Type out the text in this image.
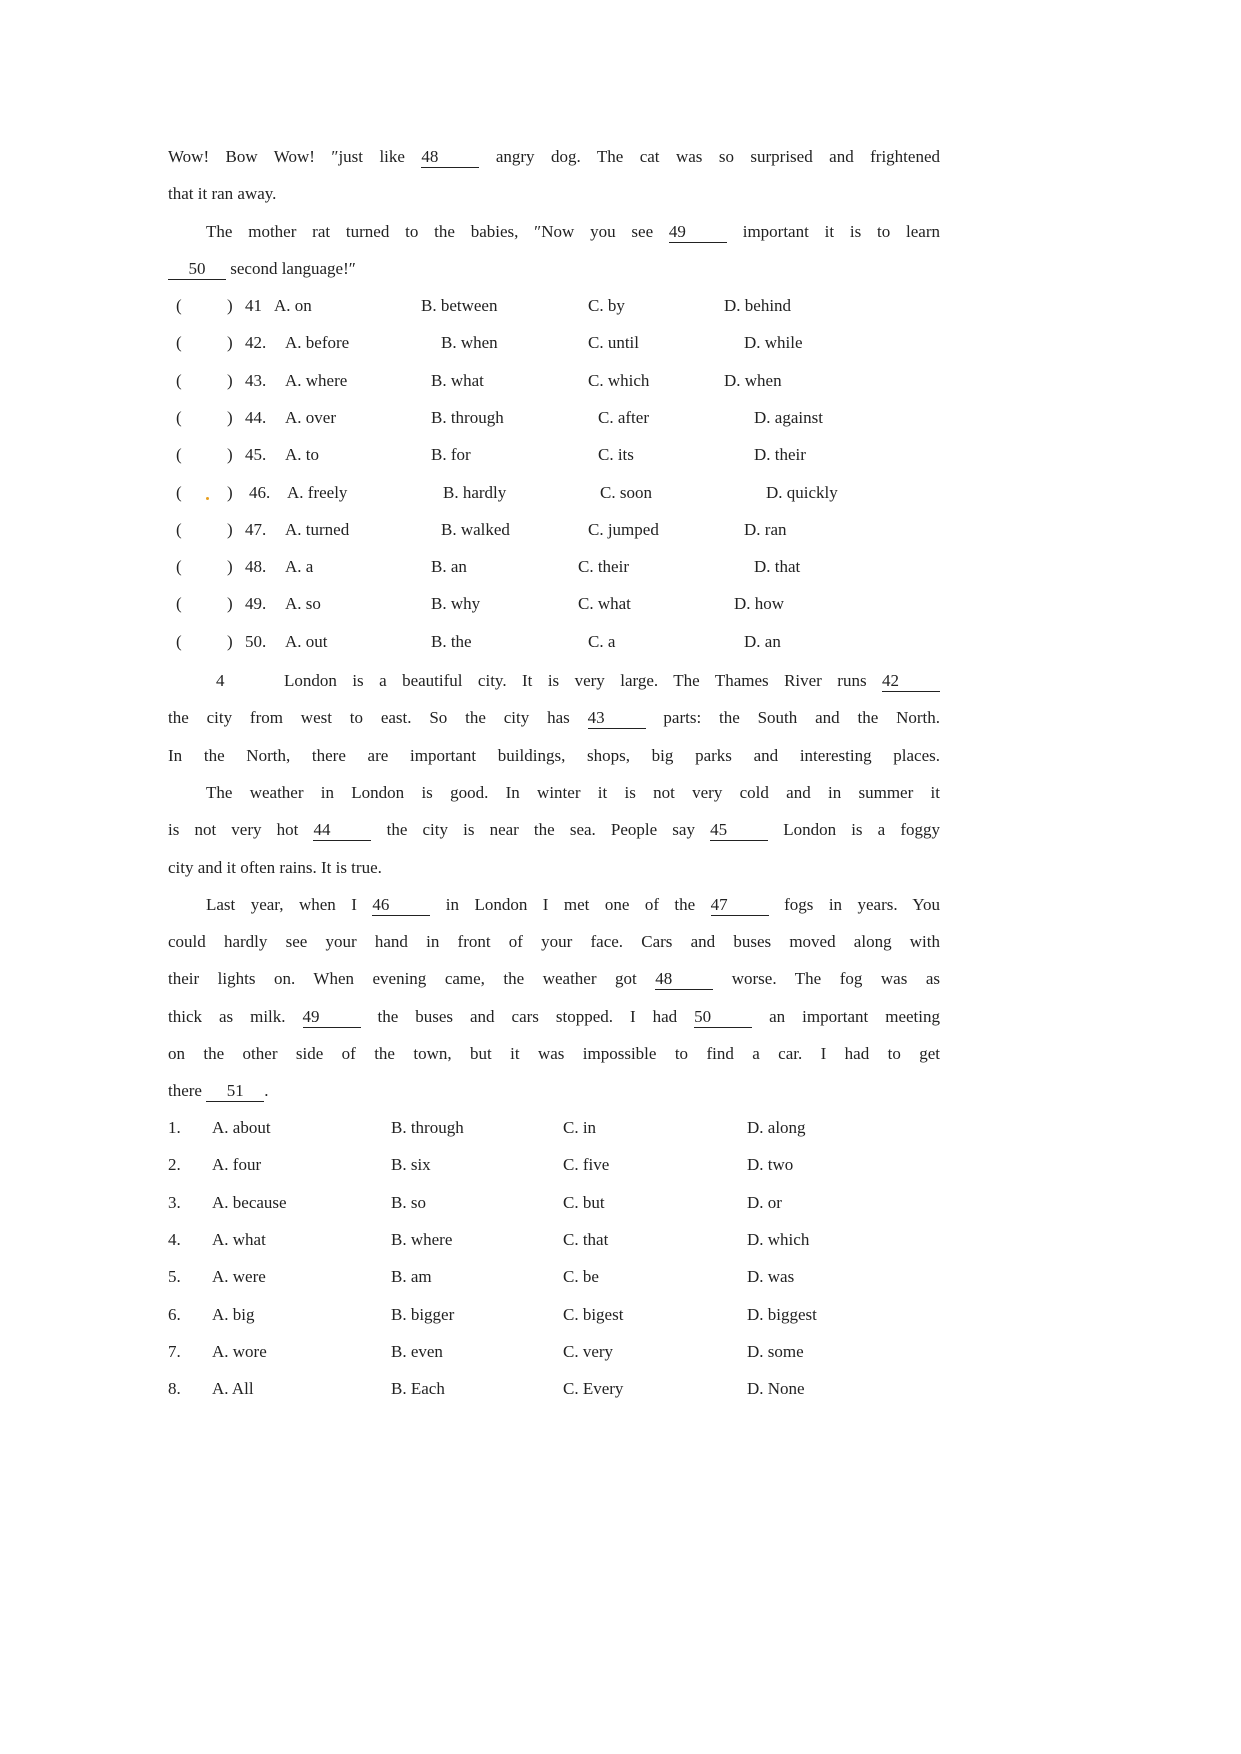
Wow! Bow Wow! ″just like 48 angry dog. The cat was so surprised and frightened
that it ran away.
The mother rat turned to the babies, ″Now you see 49 important it is to learn
50 second language!″
(	) 41 A. on	B. between	C. by	D. behind
(	) 42. A. before	B. when	C. until	D. while
(	) 43. A. where	B. what	C. which	D. when
(	) 44. A. over	B. through	C. after	D. against
(	) 45. A. to	B. for	C. its	D. their
(	) 46. A. freely	B. hardly	C. soon	D. quickly
(	) 47. A. turned	B. walked	C. jumped	D. ran
(	) 48. A. a	B. an	C. their	D. that
(	) 49. A. so	B. why	C. what	D. how
(	) 50. A. out	B. the	C. a	D. an
4	London is a beautiful city. It is very large. The Thames River runs 42
the city from west to east. So the city has 43 parts: the South and the North.
In the North, there are important buildings, shops, big parks and interesting places.
The weather in London is good. In winter it is not very cold and in summer it
is not very hot 44 the city is near the sea. People say 45 London is a foggy
city and it often rains. It is true.
Last year, when I 46 in London I met one of the 47 fogs in years. You
could hardly see your hand in front of your face. Cars and buses moved along with
their lights on. When evening came, the weather got 48 worse. The fog was as
thick as milk. 49 the buses and cars stopped. I had 50 an important meeting
on the other side of the town, but it was impossible to find a car. I had to get
there 51 .
1. A. about	B. through	C. in	D. along
2. A. four	B. six	C. five	D. two
3. A. because	B. so	C. but	D. or
4. A. what	B. where	C. that	D. which
5. A. were	B. am	C. be	D. was
6. A. big	B. bigger	C. bigest	D. biggest
7. A. wore	B. even	C. very	D. some
8. A. All	B. Each	C. Every	D. None
